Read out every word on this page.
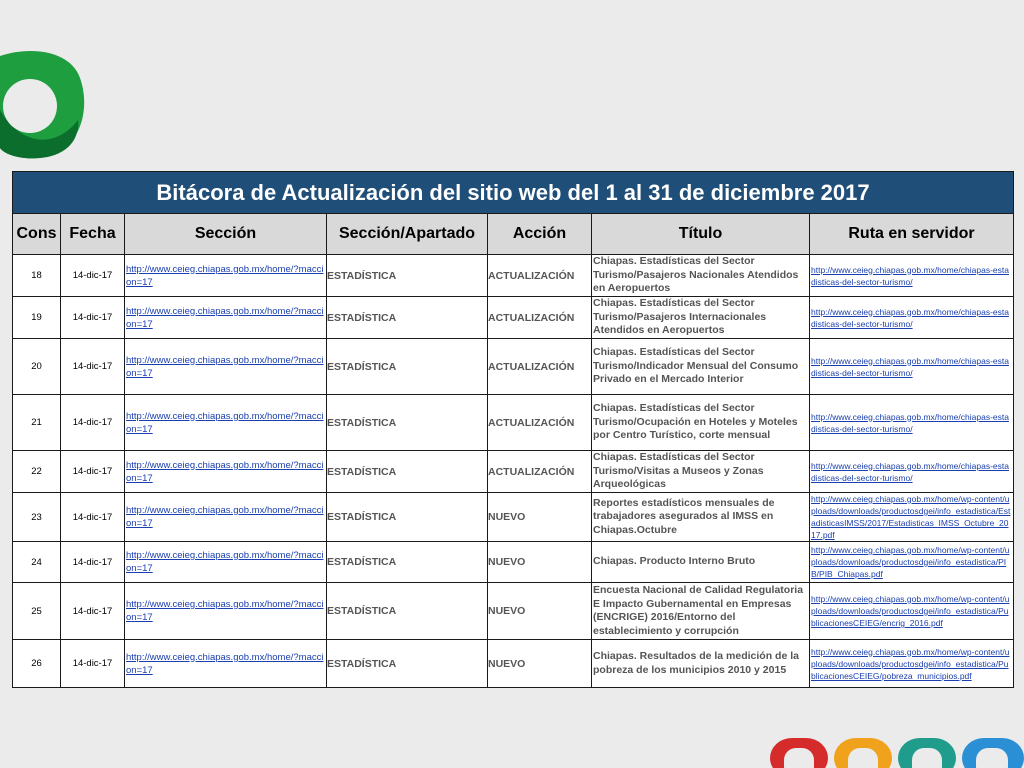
Bitácora de Actualización del sitio web del 1 al 31 de diciembre 2017						
Cons	Fecha	Sección	Sección/Apartado	Acción	Título	Ruta en servidor
18	14-dic-17	http://www.ceieg.chiapas.gob.mx/home/?maccion=17	ESTADÍSTICA	ACTUALIZACIÓN	Chiapas. Estadísticas del Sector Turismo/Pasajeros Nacionales Atendidos en Aeropuertos	http://www.ceieg.chiapas.gob.mx/home/chiapas-estadisticas-del-sector-turismo/
19	14-dic-17	http://www.ceieg.chiapas.gob.mx/home/?maccion=17	ESTADÍSTICA	ACTUALIZACIÓN	Chiapas. Estadísticas del Sector Turismo/Pasajeros Internacionales Atendidos en Aeropuertos	http://www.ceieg.chiapas.gob.mx/home/chiapas-estadisticas-del-sector-turismo/
20	14-dic-17	http://www.ceieg.chiapas.gob.mx/home/?maccion=17	ESTADÍSTICA	ACTUALIZACIÓN	Chiapas. Estadísticas del Sector Turismo/Indicador Mensual del Consumo Privado en el Mercado Interior	http://www.ceieg.chiapas.gob.mx/home/chiapas-estadisticas-del-sector-turismo/
21	14-dic-17	http://www.ceieg.chiapas.gob.mx/home/?maccion=17	ESTADÍSTICA	ACTUALIZACIÓN	Chiapas. Estadísticas del Sector Turismo/Ocupación en Hoteles y Moteles por Centro Turístico, corte mensual	http://www.ceieg.chiapas.gob.mx/home/chiapas-estadisticas-del-sector-turismo/
22	14-dic-17	http://www.ceieg.chiapas.gob.mx/home/?maccion=17	ESTADÍSTICA	ACTUALIZACIÓN	Chiapas. Estadísticas del Sector Turismo/Visitas a Museos y Zonas Arqueológicas	http://www.ceieg.chiapas.gob.mx/home/chiapas-estadisticas-del-sector-turismo/
23	14-dic-17	http://www.ceieg.chiapas.gob.mx/home/?maccion=17	ESTADÍSTICA	NUEVO	Reportes estadísticos mensuales de trabajadores asegurados al IMSS en Chiapas.Octubre	http://www.ceieg.chiapas.gob.mx/home/wp-content/uploads/downloads/productosdgei/info_estadistica/EstadisticasIMSS/2017/Estadisticas_IMSS_Octubre_2017.pdf
24	14-dic-17	http://www.ceieg.chiapas.gob.mx/home/?maccion=17	ESTADÍSTICA	NUEVO	Chiapas. Producto Interno Bruto	http://www.ceieg.chiapas.gob.mx/home/wp-content/uploads/downloads/productosdgei/info_estadistica/PIB/PIB_Chiapas.pdf
25	14-dic-17	http://www.ceieg.chiapas.gob.mx/home/?maccion=17	ESTADÍSTICA	NUEVO	Encuesta Nacional de Calidad Regulatoria E Impacto Gubernamental en Empresas (ENCRIGE) 2016/Entorno del establecimiento y corrupción	http://www.ceieg.chiapas.gob.mx/home/wp-content/uploads/downloads/productosdgei/info_estadistica/PublicacionesCEIEG/encrig_2016.pdf
26	14-dic-17	http://www.ceieg.chiapas.gob.mx/home/?maccion=17	ESTADÍSTICA	NUEVO	Chiapas. Resultados de la medición de la pobreza de los municipios 2010 y 2015	http://www.ceieg.chiapas.gob.mx/home/wp-content/uploads/downloads/productosdgei/info_estadistica/PublicacionesCEIEG/pobreza_municipios.pdf
